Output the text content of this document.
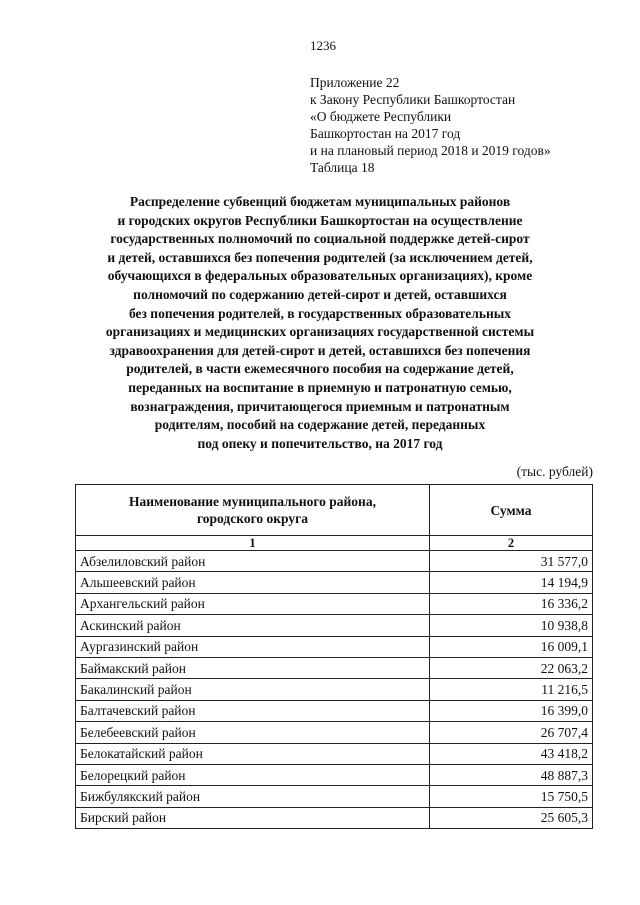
1236
Приложение 22
к Закону Республики Башкортостан
«О бюджете Республики
Башкортостан на 2017 год
и на плановый период 2018 и 2019 годов»
Таблица 18
Распределение субвенций бюджетам муниципальных районов
и городских округов Республики Башкортостан на осуществление
государственных полномочий по социальной поддержке детей-сирот
и детей, оставшихся без попечения родителей (за исключением детей,
обучающихся в федеральных образовательных организациях), кроме
полномочий по содержанию детей-сирот и детей, оставшихся
без попечения родителей, в государственных образовательных
организациях и медицинских организациях государственной системы
здравоохранения для детей-сирот и детей, оставшихся без попечения
родителей, в части ежемесячного пособия на содержание детей,
переданных на воспитание в приемную и патронатную семью,
вознаграждения, причитающегося приемным и патронатным
родителям, пособий на содержание детей, переданных
под опеку и попечительство, на 2017 год
(тыс. рублей)
Наименование муниципального района,
городского округа	Сумма
1	2
Абзелиловский район	31 577,0
Альшеевский район	14 194,9
Архангельский район	16 336,2
Аскинский район	10 938,8
Аургазинский район	16 009,1
Баймакский район	22 063,2
Бакалинский район	11 216,5
Балтачевский район	16 399,0
Белебеевский район	26 707,4
Белокатайский район	43 418,2
Белорецкий район	48 887,3
Бижбулякский район	15 750,5
Бирский район	25 605,3
